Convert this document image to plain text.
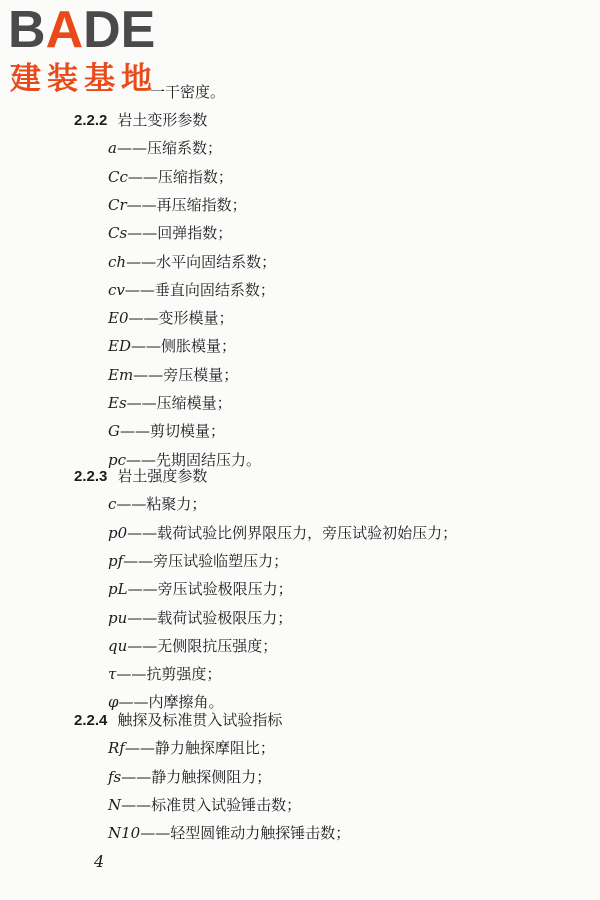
BADE
建装基地
一干密度。
2.2.2 岩土变形参数
a——压缩系数；
Cc——压缩指数；
Cr——再压缩指数；
Cs——回弹指数；
ch——水平向固结系数；
cv——垂直向固结系数；
E0——变形模量；
ED——侧胀模量；
Em——旁压模量；
Es——压缩模量；
G——剪切模量；
pc——先期固结压力。
2.2.3 岩土强度参数
c——粘聚力；
p0——载荷试验比例界限压力，旁压试验初始压力；
pf——旁压试验临塑压力；
pL——旁压试验极限压力；
pu——载荷试验极限压力；
qu——无侧限抗压强度；
τ——抗剪强度；
φ——内摩擦角。
2.2.4 触探及标准贯入试验指标
Rf——静力触探摩阻比；
fs——静力触探侧阻力；
N——标准贯入试验锤击数；
N10——轻型圆锥动力触探锤击数；
4
